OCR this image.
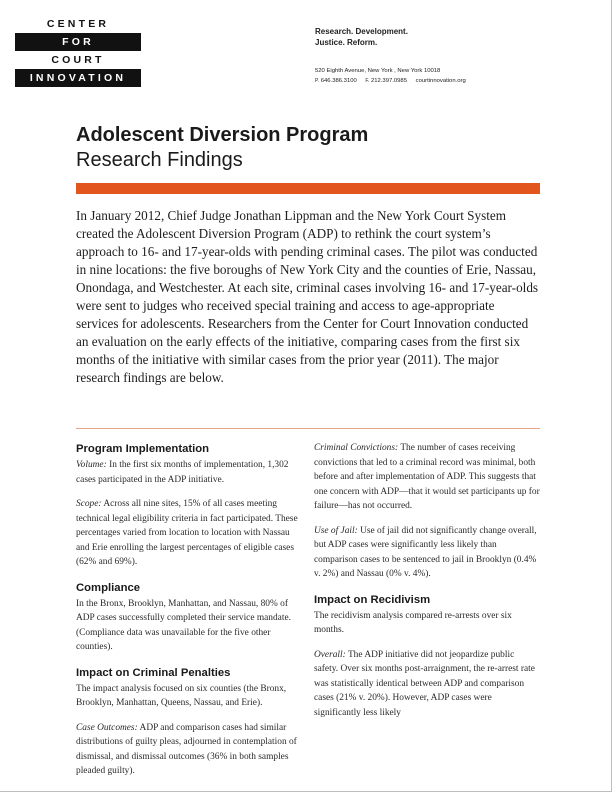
CENTER
FOR
COURT
INNOVATION
Research. Development. Justice. Reform.
520 Eighth Avenue, New York , New York 10018
P. 646.386.3100 F. 212.397.0985 courtinnovation.org
Adolescent Diversion Program
Research Findings

In January 2012, Chief Judge Jonathan Lippman and the New York Court System created the Adolescent Diversion Program (ADP) to rethink the court system’s approach to 16- and 17-year-olds with pending criminal cases. The pilot was conducted in nine locations: the five boroughs of New York City and the counties of Erie, Nassau, Onondaga, and Westchester. At each site, criminal cases involving 16- and 17-year-olds were sent to judges who received special training and access to age-appropriate services for adolescents. Researchers from the Center for Court Innovation conducted an evaluation on the early effects of the initiative, comparing cases from the first six months of the initiative with similar cases from the prior year (2011). The major research findings are below.

Program Implementation

Volume: In the first six months of implementation, 1,302 cases participated in the ADP initiative.

Scope: Across all nine sites, 15% of all cases meeting technical legal eligibility criteria in fact participated. These percentages varied from location to location with Nassau and Erie enrolling the largest percentages of eligible cases (62% and 69%).

Compliance

In the Bronx, Brooklyn, Manhattan, and Nassau, 80% of ADP cases successfully completed their service mandate. (Compliance data was unavailable for the five other counties).

Impact on Criminal Penalties

The impact analysis focused on six counties (the Bronx, Brooklyn, Manhattan, Queens, Nassau, and Erie).

Case Outcomes: ADP and comparison cases had similar distributions of guilty pleas, adjourned in contemplation of dismissal, and dismissal outcomes (36% in both samples pleaded guilty).

Criminal Convictions: The number of cases receiving convictions that led to a criminal record was minimal, both before and after implementation of ADP. This suggests that one concern with ADP—that it would set participants up for failure—has not occurred.

Use of Jail: Use of jail did not significantly change overall, but ADP cases were significantly less likely than comparison cases to be sentenced to jail in Brooklyn (0.4% v. 2%) and Nassau (0% v. 4%).

Impact on Recidivism

The recidivism analysis compared re-arrests over six months.

Overall: The ADP initiative did not jeopardize public safety. Over six months post-arraignment, the re-arrest rate was statistically identical between ADP and comparison cases (21% v. 20%). However, ADP cases were significantly less likely
